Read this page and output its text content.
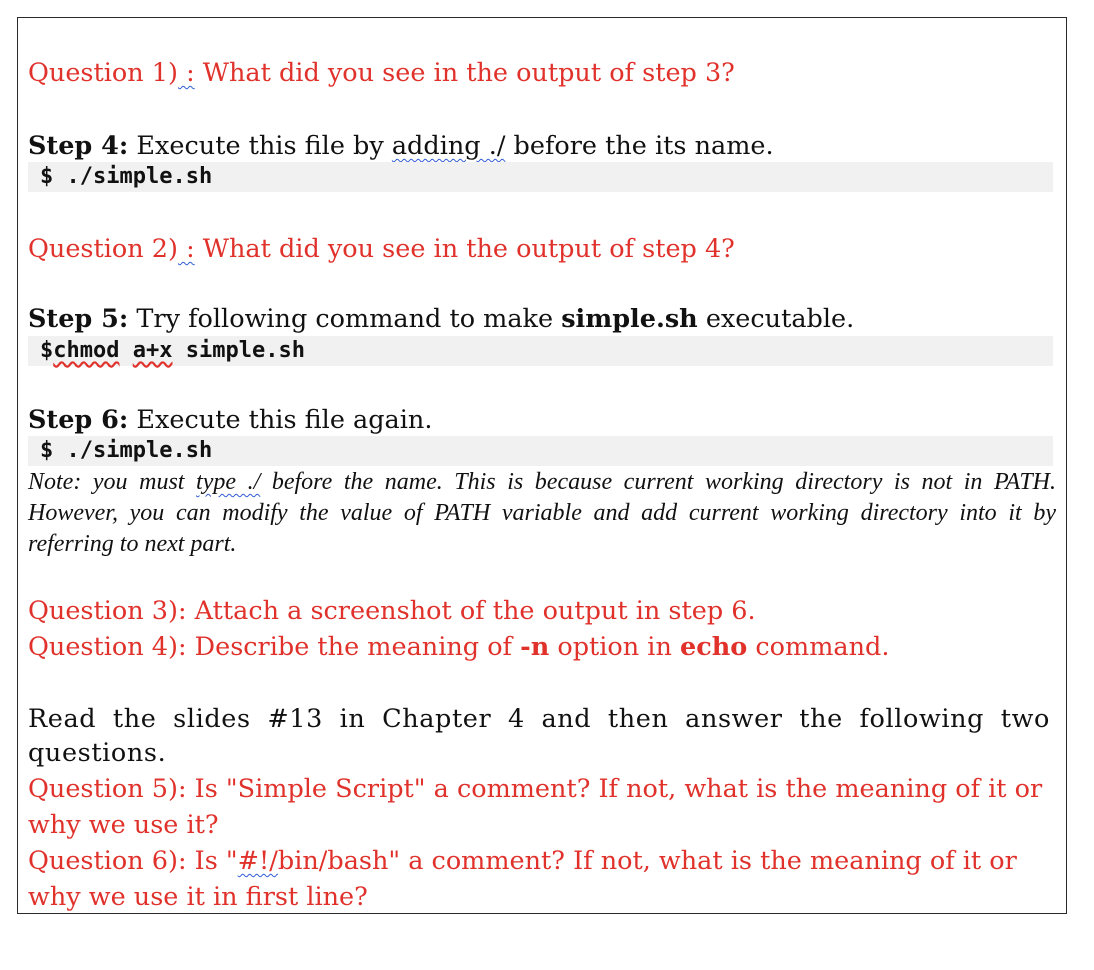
Question 1) : What did you see in the output of step 3?
Step 4: Execute this file by adding ./ before the its name.
$ ./simple.sh
Question 2) : What did you see in the output of step 4?
Step 5: Try following command to make simple.sh executable.
$chmod a+x simple.sh
Step 6: Execute this file again.
$ ./simple.sh
Note: you must type ./ before the name. This is because current working directory is not in PATH. However, you can modify the value of PATH variable and add current working directory into it by referring to next part.
Question 3): Attach a screenshot of the output in step 6.
Question 4): Describe the meaning of -n option in echo command.
Read the slides #13 in Chapter 4 and then answer the following two questions.
Question 5): Is "Simple Script" a comment? If not, what is the meaning of it or why we use it?
Question 6): Is "#!/bin/bash" a comment? If not, what is the meaning of it or why we use it in first line?
